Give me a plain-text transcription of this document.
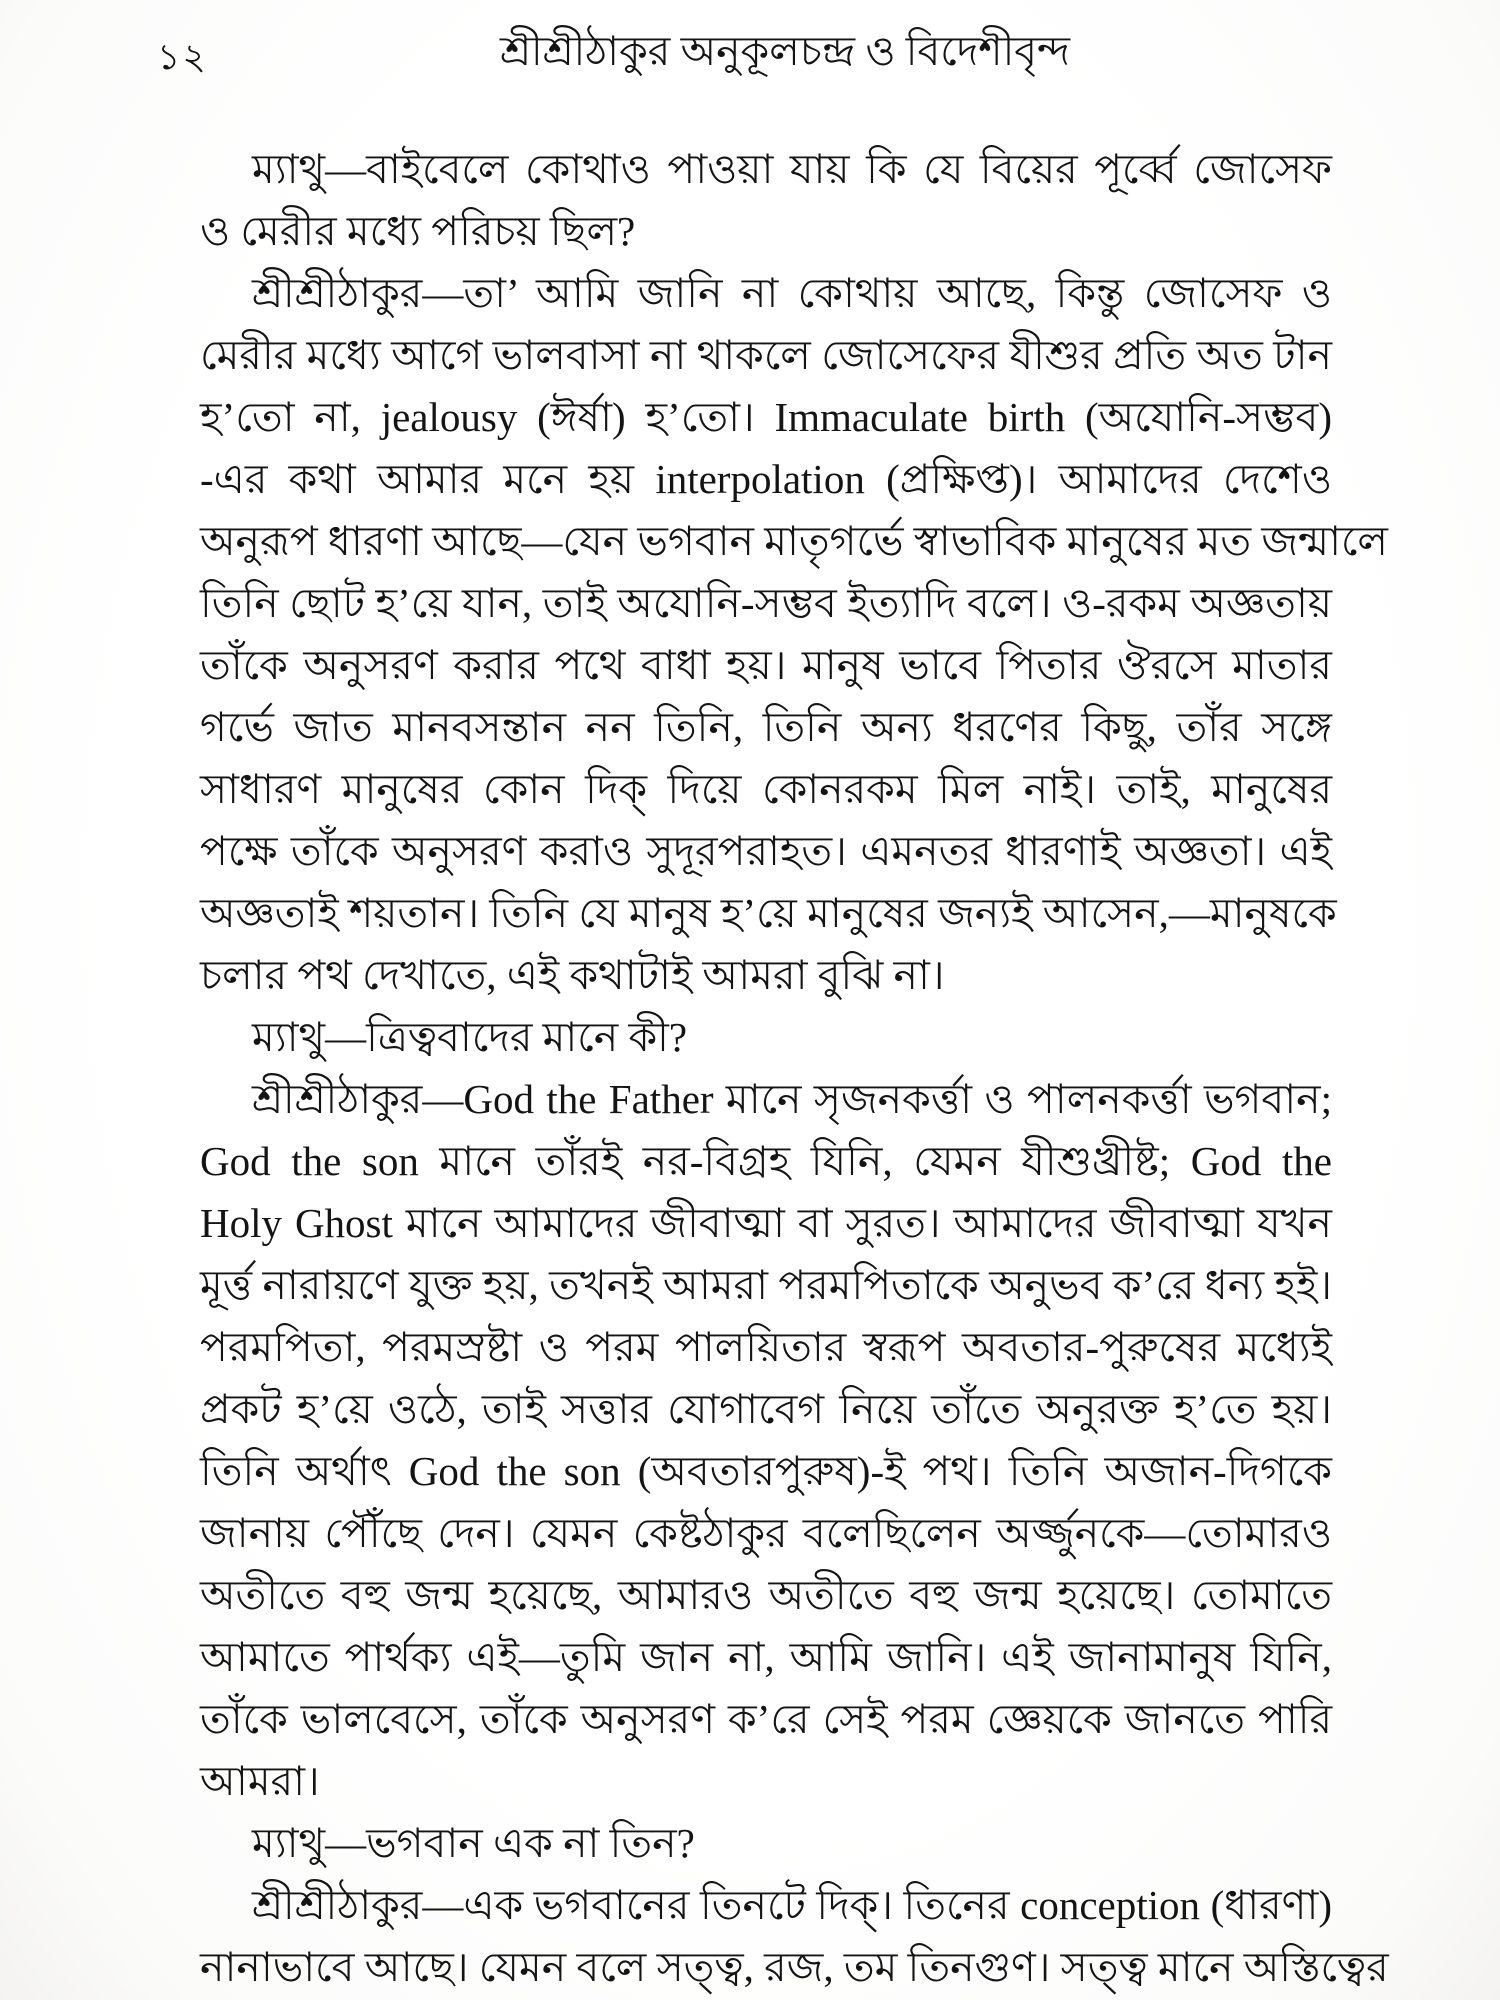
১২	শ্রীশ্রীঠাকুর অনুকূলচন্দ্র ও বিদেশীবৃন্দ
ম্যাথু—বাইবেলে কোথাও পাওয়া যায় কি যে বিয়ের পূর্ব্বে জোসেফ
ও মেরীর মধ্যে পরিচয় ছিল?
শ্রীশ্রীঠাকুর—তা’ আমি জানি না কোথায় আছে, কিন্তু জোসেফ ও
মেরীর মধ্যে আগে ভালবাসা না থাকলে জোসেফের যীশুর প্রতি অত টান
হ’তো না, jealousy (ঈর্ষা) হ’তো। Immaculate birth (অযোনি-সম্ভব)
-এর কথা আমার মনে হয় interpolation (প্রক্ষিপ্ত)। আমাদের দেশেও
অনুরূপ ধারণা আছে—যেন ভগবান মাতৃগর্ভে স্বাভাবিক মানুষের মত জন্মালে
তিনি ছোট হ’য়ে যান, তাই অযোনি-সম্ভব ইত্যাদি বলে। ও-রকম অজ্ঞতায়
তাঁকে অনুসরণ করার পথে বাধা হয়। মানুষ ভাবে পিতার ঔরসে মাতার
গর্ভে জাত মানবসন্তান নন তিনি, তিনি অন্য ধরণের কিছু, তাঁর সঙ্গে
সাধারণ মানুষের কোন দিক্‌ দিয়ে কোনরকম মিল নাই। তাই, মানুষের
পক্ষে তাঁকে অনুসরণ করাও সুদূরপরাহত। এমনতর ধারণাই অজ্ঞতা। এই
অজ্ঞতাই শয়তান। তিনি যে মানুষ হ’য়ে মানুষের জন্যই আসেন,—মানুষকে
চলার পথ দেখাতে, এই কথাটাই আমরা বুঝি না।
ম্যাথু—ত্রিত্ববাদের মানে কী?
শ্রীশ্রীঠাকুর—God the Father মানে সৃজনকর্ত্তা ও পালনকর্ত্তা ভগবান;
God the son মানে তাঁরই নর-বিগ্রহ যিনি, যেমন যীশুখ্রীষ্ট; God the
Holy Ghost মানে আমাদের জীবাত্মা বা সুরত। আমাদের জীবাত্মা যখন
মূর্ত্ত নারায়ণে যুক্ত হয়, তখনই আমরা পরমপিতাকে অনুভব ক’রে ধন্য হই।
পরমপিতা, পরমস্রষ্টা ও পরম পালয়িতার স্বরূপ অবতার-পুরুষের মধ্যেই
প্রকট হ’য়ে ওঠে, তাই সত্তার যোগাবেগ নিয়ে তাঁতে অনুরক্ত হ’তে হয়।
তিনি অর্থাৎ God the son (অবতারপুরুষ)-ই পথ। তিনি অজান-দিগকে
জানায় পৌঁছে দেন। যেমন কেষ্টঠাকুর বলেছিলেন অর্জ্জুনকে—তোমারও
অতীতে বহু জন্ম হয়েছে, আমারও অতীতে বহু জন্ম হয়েছে। তোমাতে
আমাতে পার্থক্য এই—তুমি জান না, আমি জানি। এই জানামানুষ যিনি,
তাঁকে ভালবেসে, তাঁকে অনুসরণ ক’রে সেই পরম জ্ঞেয়কে জানতে পারি
আমরা।
ম্যাথু—ভগবান এক না তিন?
শ্রীশ্রীঠাকুর—এক ভগবানের তিনটে দিক্‌। তিনের conception (ধারণা)
নানাভাবে আছে। যেমন বলে সত্ত্ব, রজ, তম তিনগুণ। সত্ত্ব মানে অস্তিত্বের
